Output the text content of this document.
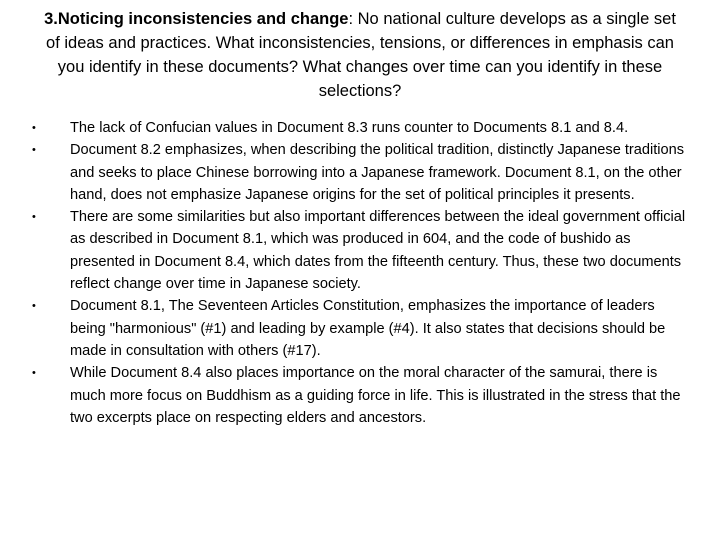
3.Noticing inconsistencies and change: No national culture develops as a single set of ideas and practices. What inconsistencies, tensions, or differences in emphasis can you identify in these documents? What changes over time can you identify in these selections?
•	The lack of Confucian values in Document 8.3 runs counter to Documents 8.1 and 8.4.
•	Document 8.2 emphasizes, when describing the political tradition, distinctly Japanese traditions and seeks to place Chinese borrowing into a Japanese framework. Document 8.1, on the other hand, does not emphasize Japanese origins for the set of political principles it presents.
•	There are some similarities but also important differences between the ideal government official as described in Document 8.1, which was produced in 604, and the code of bushido as presented in Document 8.4, which dates from the fifteenth century. Thus, these two documents reflect change over time in Japanese society.
•	Document 8.1, The Seventeen Articles Constitution, emphasizes the importance of leaders being "harmonious" (#1) and leading by example (#4). It also states that decisions should be made in consultation with others (#17).
•	While Document 8.4 also places importance on the moral character of the samurai, there is much more focus on Buddhism as a guiding force in life. This is illustrated in the stress that the two excerpts place on respecting elders and ancestors.
